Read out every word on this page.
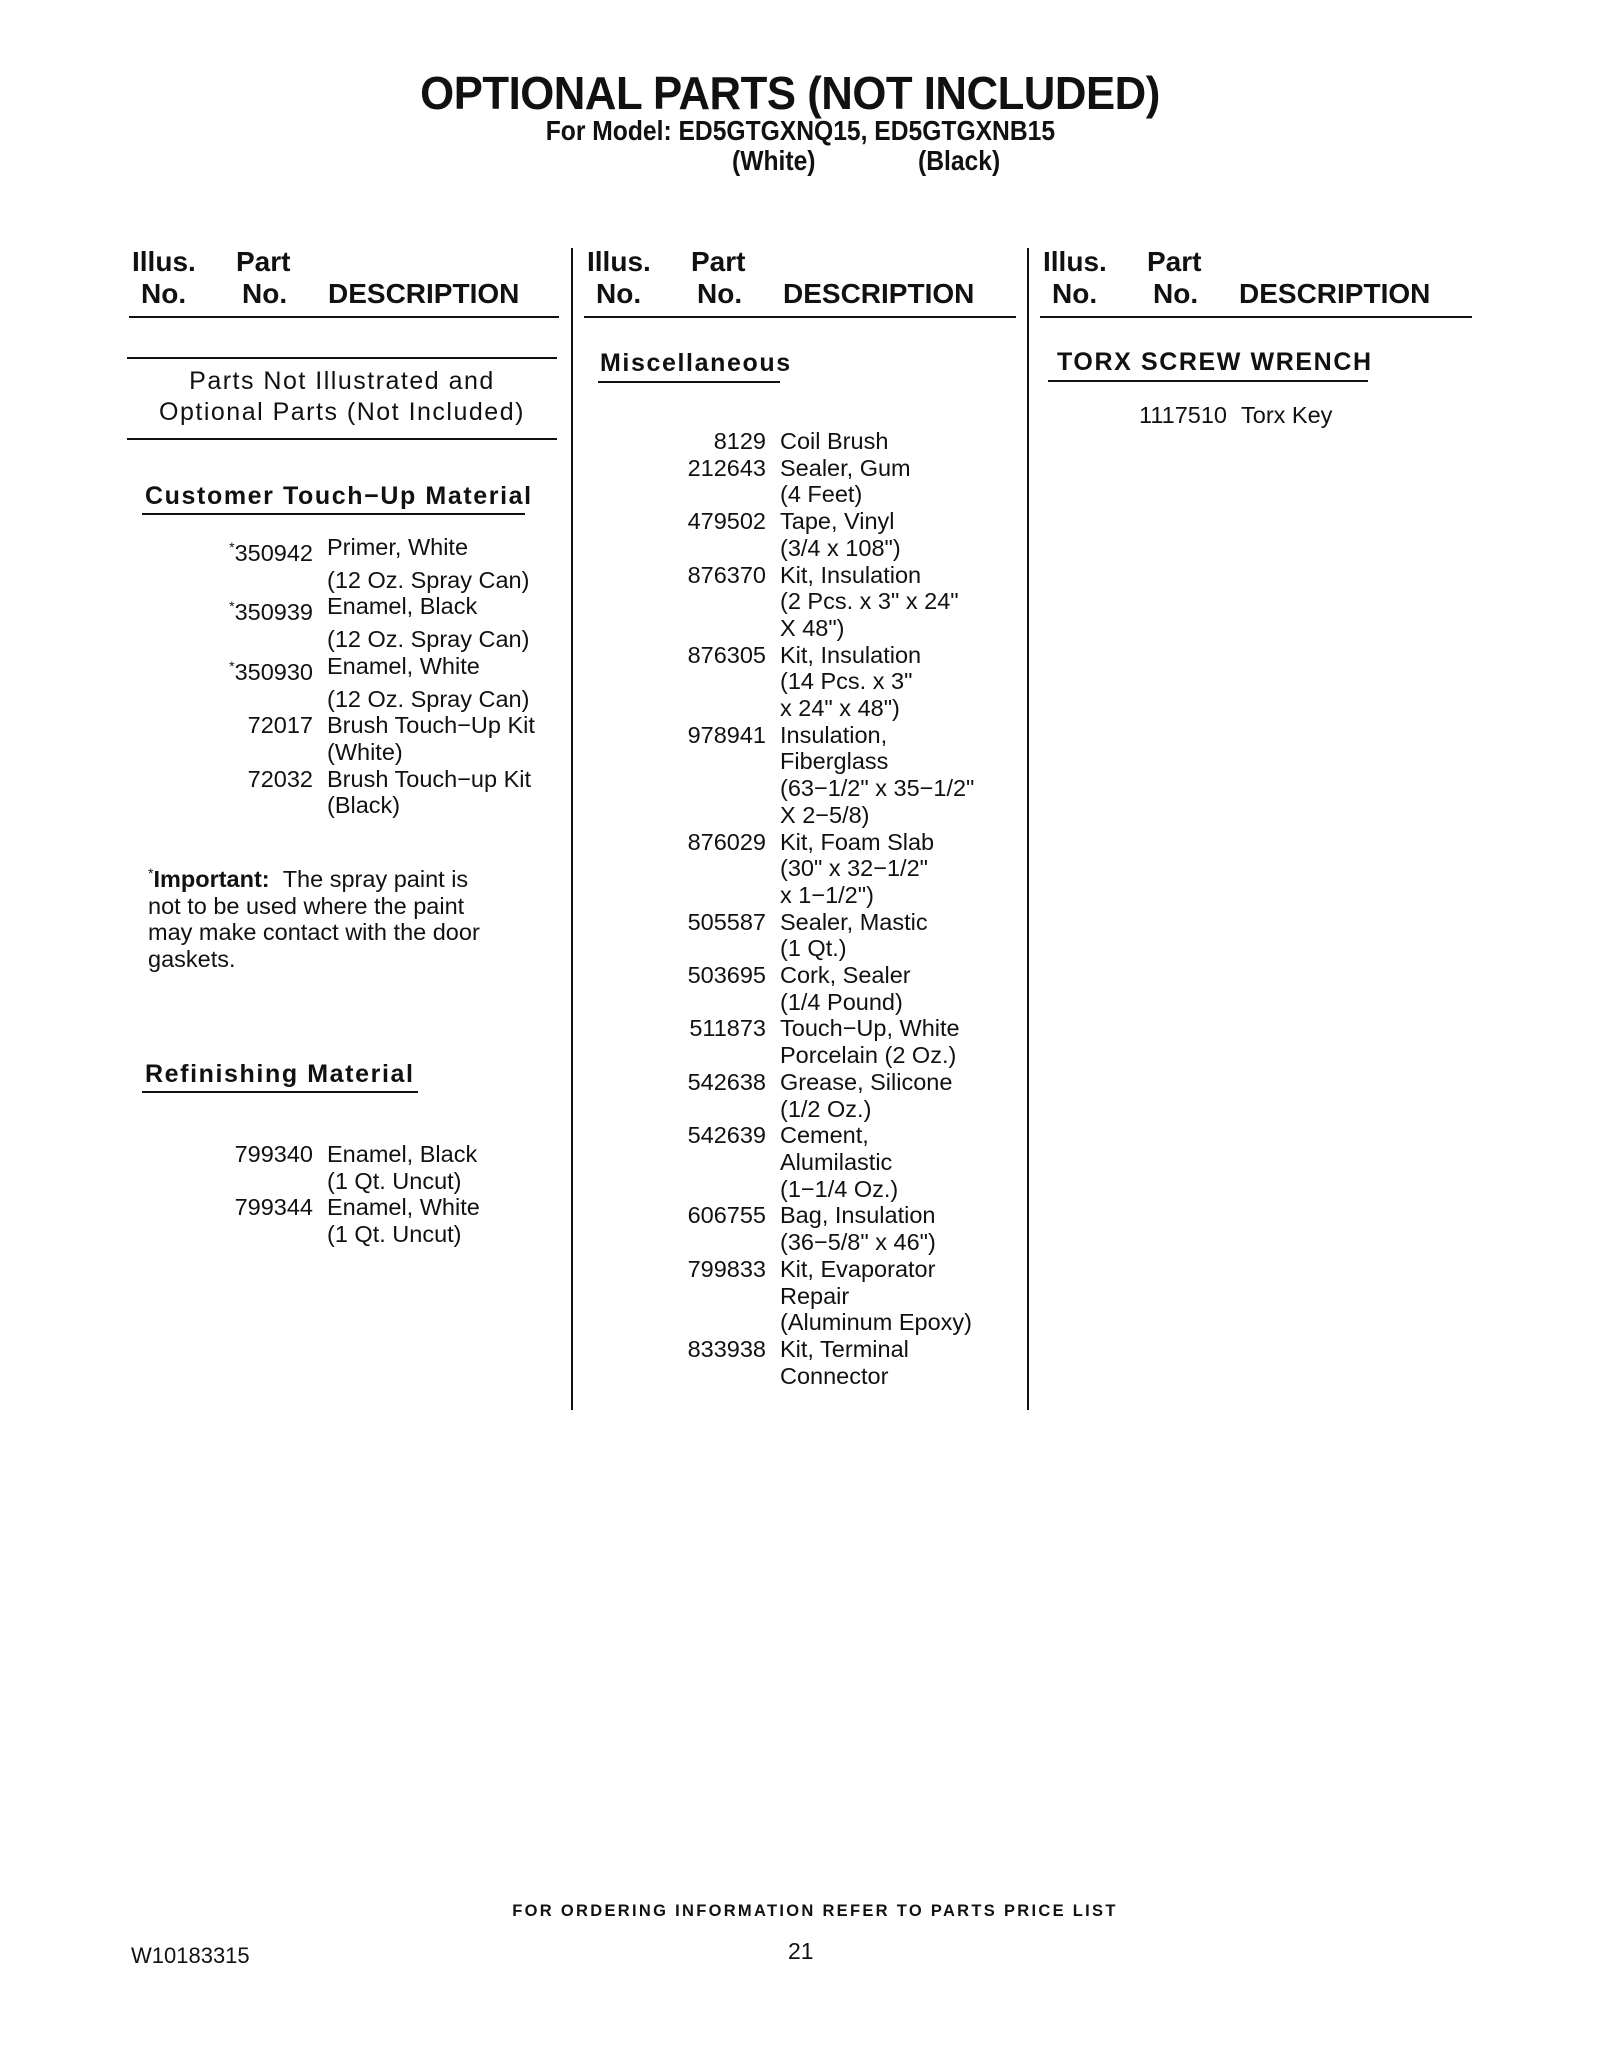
OPTIONAL PARTS (NOT INCLUDED)
For Model: ED5GTGXNQ15, ED5GTGXNB15
(White)	(Black)
Illus.
No.
Part
No. DESCRIPTION
Illus.
No.
Part
No. DESCRIPTION
Illus.
No.
Part
No. DESCRIPTION
Parts Not Illustrated and
Optional Parts (Not Included)
Customer Touch−Up Material
*350942 Primer, White
(12 Oz. Spray Can)
*350939 Enamel, Black
(12 Oz. Spray Can)
*350930 Enamel, White
(12 Oz. Spray Can)
72017 Brush Touch−Up Kit
(White)
72032 Brush Touch−up Kit
(Black)
*Important: The spray paint is
not to be used where the paint
may make contact with the door
gaskets.
Refinishing Material
799340 Enamel, Black
(1 Qt. Uncut)
799344 Enamel, White
(1 Qt. Uncut)
Miscellaneous
8129 Coil Brush
212643 Sealer, Gum
(4 Feet)
479502 Tape, Vinyl
(3/4 x 108")
876370 Kit, Insulation
(2 Pcs. x 3" x 24"
X 48")
876305 Kit, Insulation
(14 Pcs. x 3"
x 24" x 48")
978941 Insulation,
Fiberglass
(63−1/2" x 35−1/2"
X 2−5/8)
876029 Kit, Foam Slab
(30" x 32−1/2"
x 1−1/2")
505587 Sealer, Mastic
(1 Qt.)
503695 Cork, Sealer
(1/4 Pound)
511873 Touch−Up, White
Porcelain (2 Oz.)
542638 Grease, Silicone
(1/2 Oz.)
542639 Cement,
Alumilastic
(1−1/4 Oz.)
606755 Bag, Insulation
(36−5/8" x 46")
799833 Kit, Evaporator
Repair
(Aluminum Epoxy)
833938 Kit, Terminal
Connector
TORX SCREW WRENCH
1117510 Torx Key
FOR ORDERING INFORMATION REFER TO PARTS PRICE LIST
W10183315	21
